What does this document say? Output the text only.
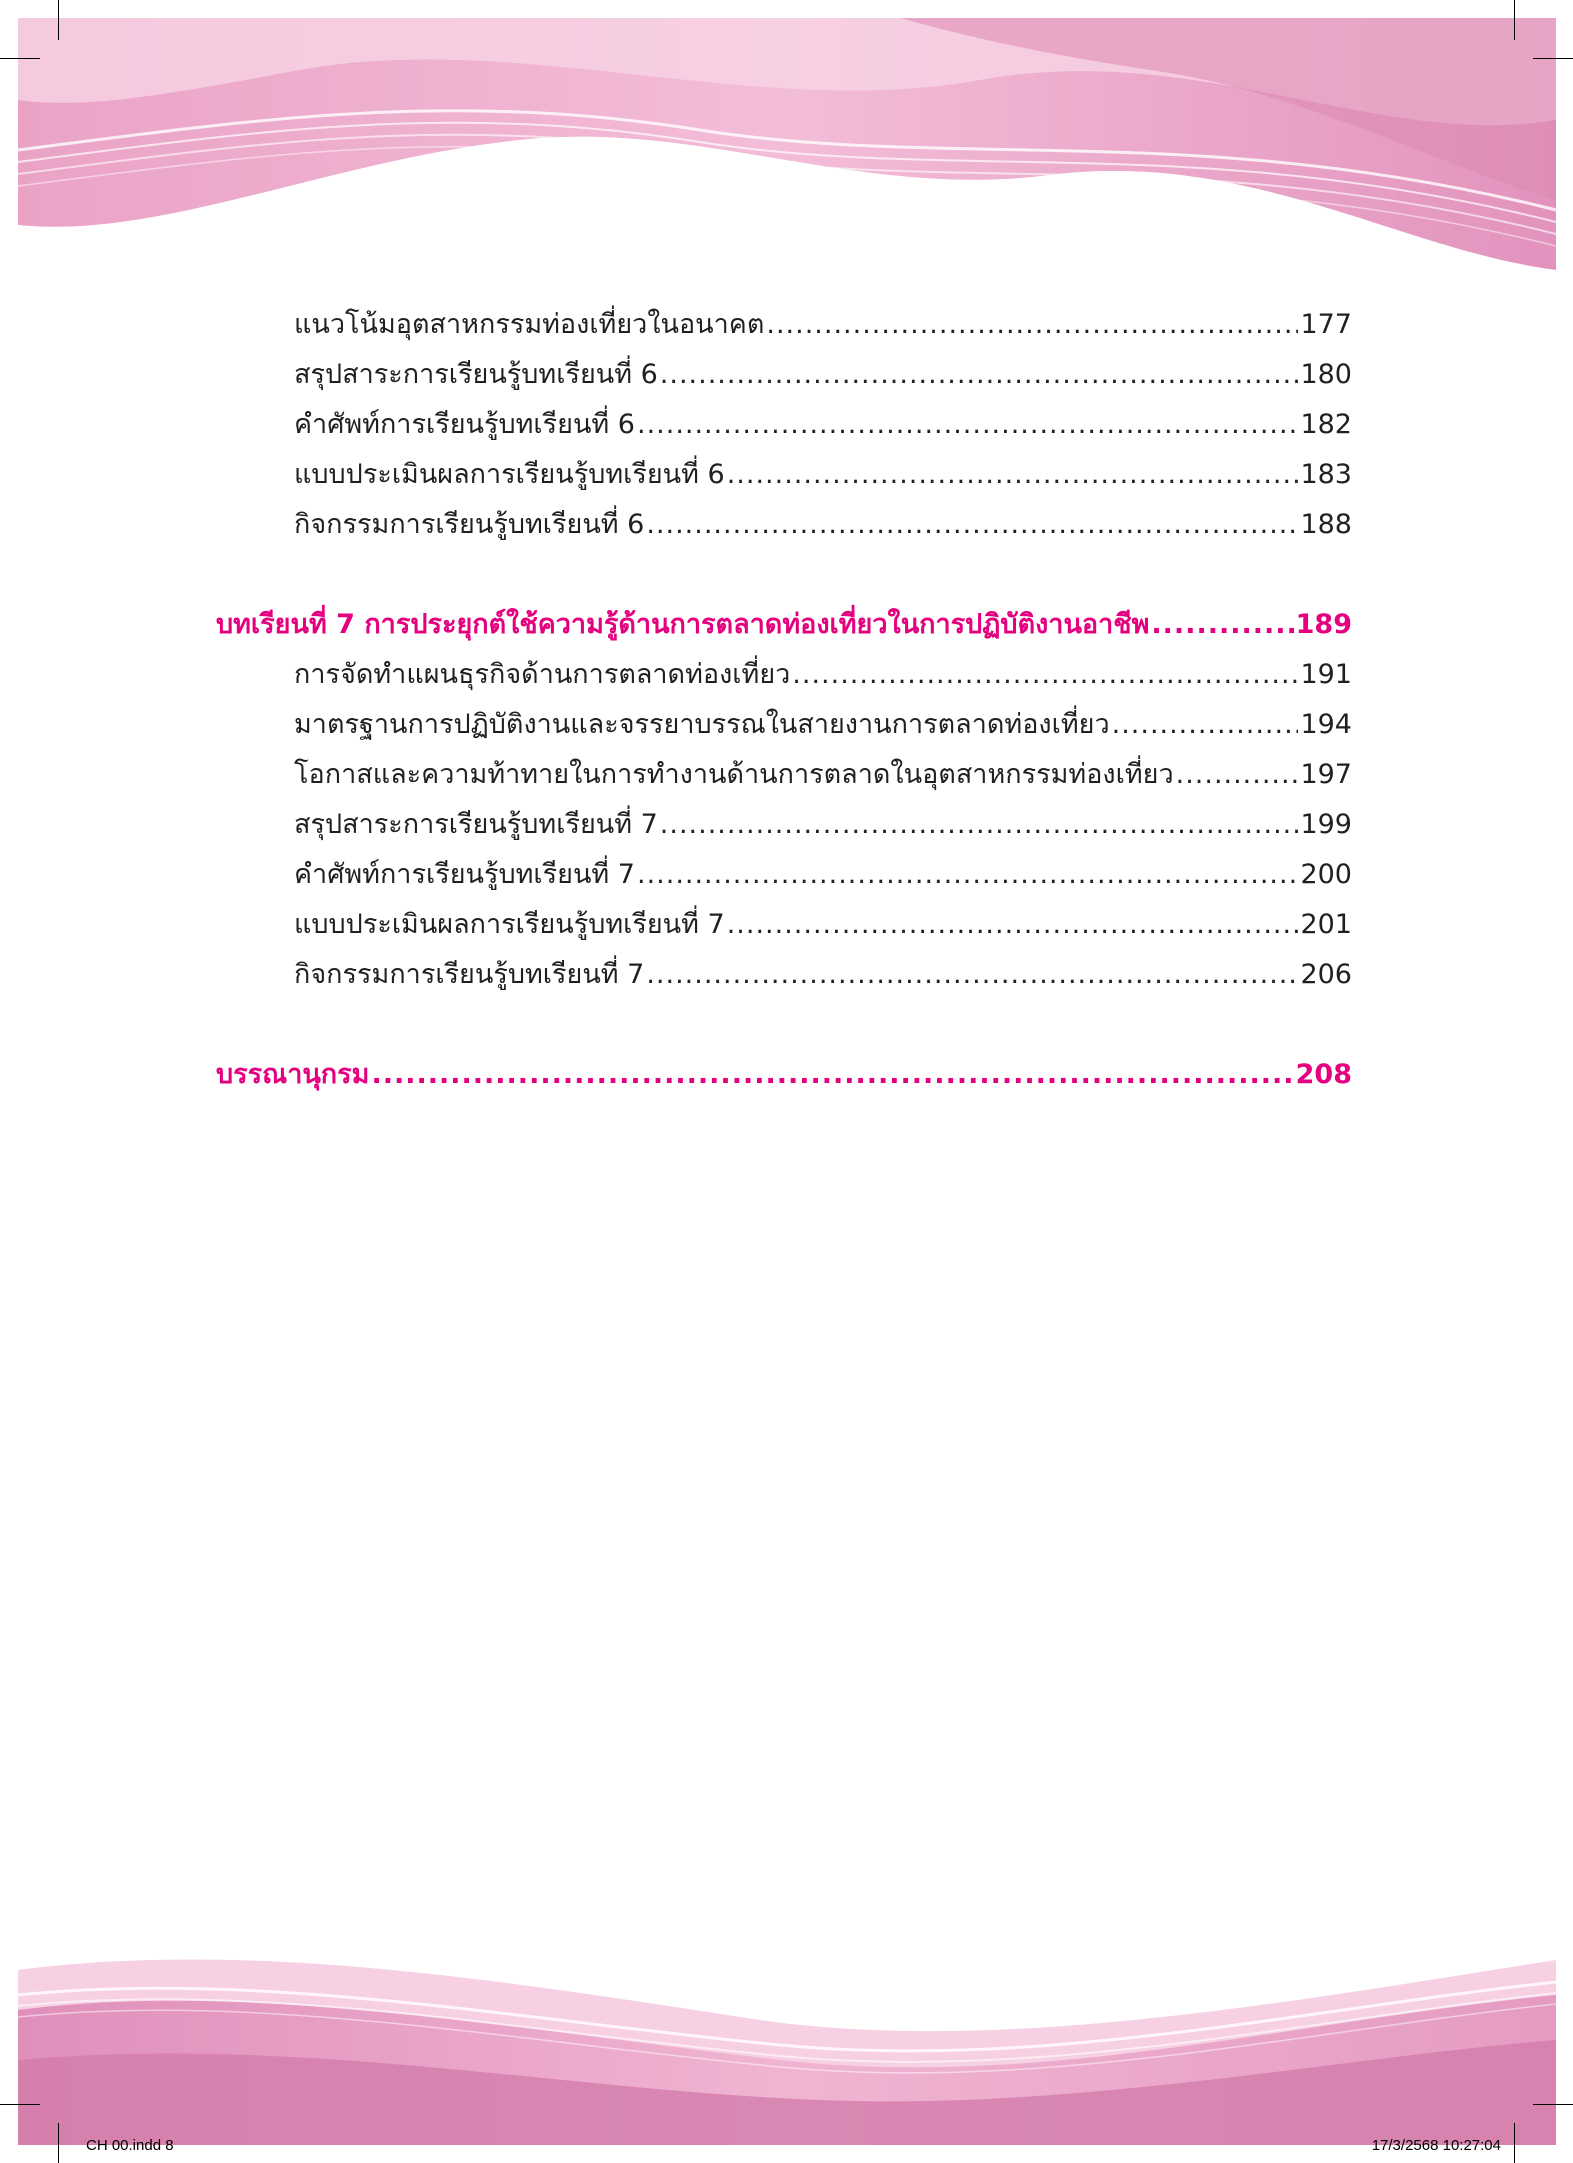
แนวโน้มอุตสาหกรรมท่องเที่ยวในอนาคต .....	177
สรุปสาระการเรียนรู้บทเรียนที่ 6 .....	180
คำศัพท์การเรียนรู้บทเรียนที่ 6 .....	182
แบบประเมินผลการเรียนรู้บทเรียนที่ 6 .....	183
กิจกรรมการเรียนรู้บทเรียนที่ 6 .....	188
บทเรียนที่ 7 การประยุกต์ใช้ความรู้ด้านการตลาดท่องเที่ยวในการปฏิบัติงานอาชีพ .....	189
การจัดทำแผนธุรกิจด้านการตลาดท่องเที่ยว .....	191
มาตรฐานการปฏิบัติงานและจรรยาบรรณในสายงานการตลาดท่องเที่ยว .....	194
โอกาสและความท้าทายในการทำงานด้านการตลาดในอุตสาหกรรมท่องเที่ยว .....	197
สรุปสาระการเรียนรู้บทเรียนที่ 7 .....	199
คำศัพท์การเรียนรู้บทเรียนที่ 7 .....	200
แบบประเมินผลการเรียนรู้บทเรียนที่ 7 .....	201
กิจกรรมการเรียนรู้บทเรียนที่ 7 .....	206
บรรณานุกรม .....	208
CH 00.indd 8	17/3/2568 10:27:04
